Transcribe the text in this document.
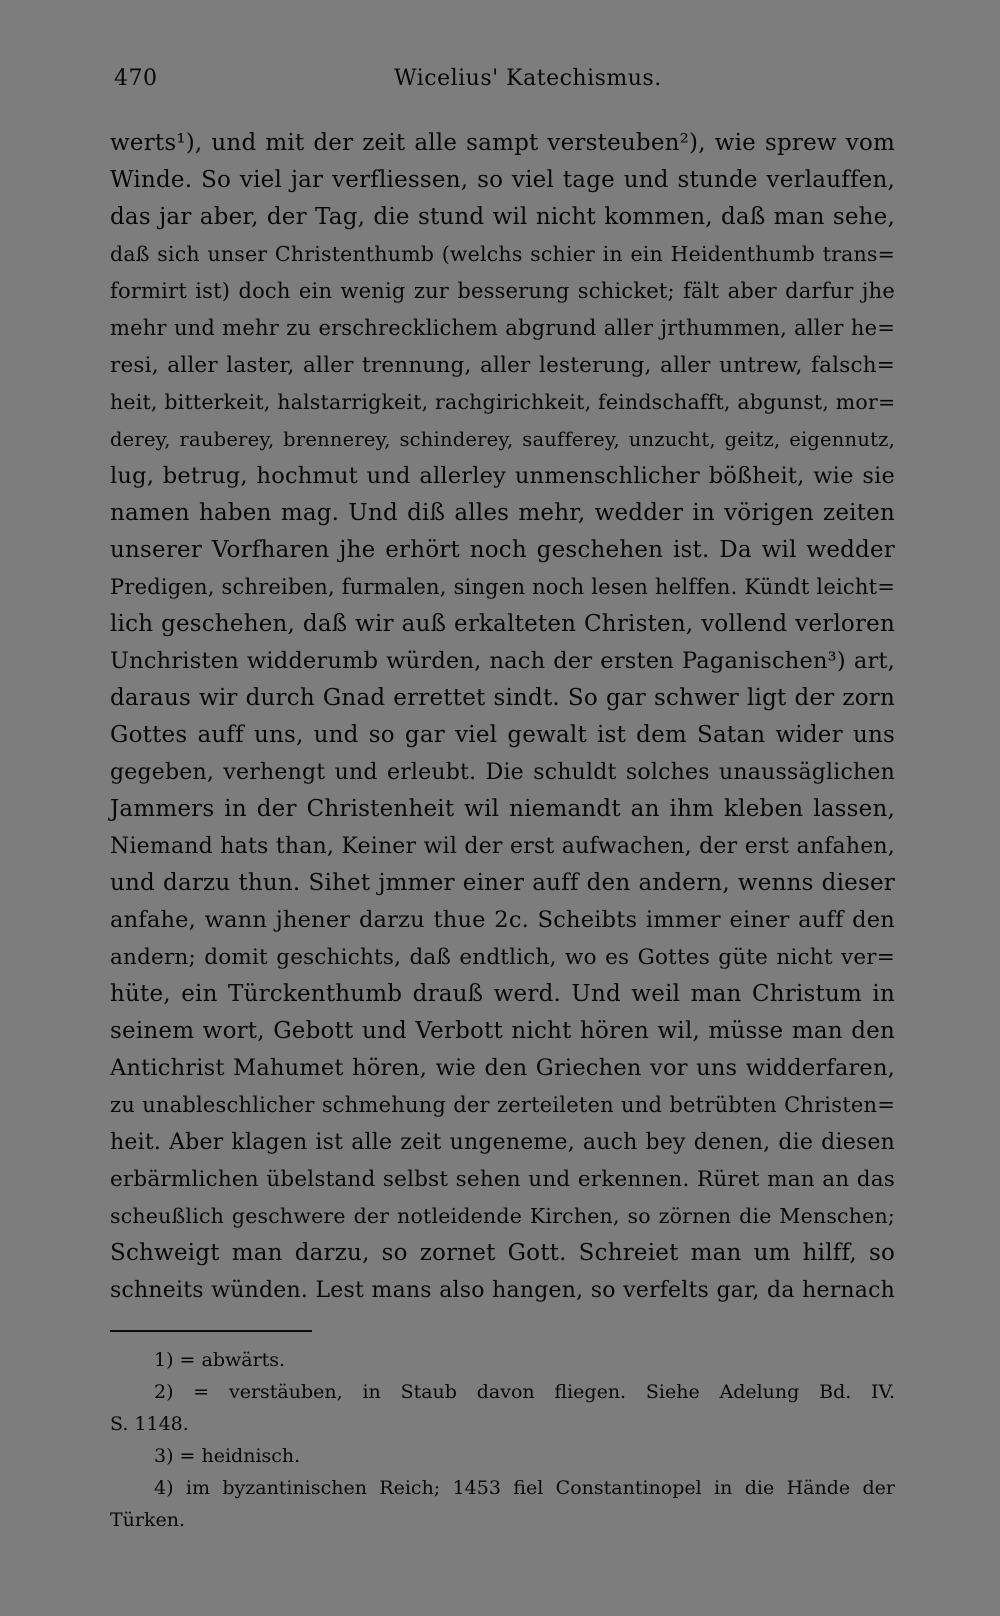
470	Wicelius' Katechismus.
werts¹), und mit der zeit alle sampt versteuben²), wie sprew vom
Winde. So viel jar verfliessen, so viel tage und stunde verlauffen,
das jar aber, der Tag, die stund wil nicht kommen, daß man sehe,
daß sich unser Christenthumb (welchs schier in ein Heidenthumb trans=
formirt ist) doch ein wenig zur besserung schicket; fält aber darfur jhe
mehr und mehr zu erschrecklichem abgrund aller jrthummen, aller he=
resi, aller laster, aller trennung, aller lesterung, aller untrew, falsch=
heit, bitterkeit, halstarrigkeit, rachgirichkeit, feindschafft, abgunst, mor=
derey, rauberey, brennerey, schinderey, saufferey, unzucht, geitz, eigennutz,
lug, betrug, hochmut und allerley unmenschlicher bößheit, wie sie
namen haben mag. Und diß alles mehr, wedder in vörigen zeiten
unserer Vorfharen jhe erhört noch geschehen ist. Da wil wedder
Predigen, schreiben, furmalen, singen noch lesen helffen. Kündt leicht=
lich geschehen, daß wir auß erkalteten Christen, vollend verloren
Unchristen widderumb würden, nach der ersten Paganischen³) art,
daraus wir durch Gnad errettet sindt. So gar schwer ligt der zorn
Gottes auff uns, und so gar viel gewalt ist dem Satan wider uns
gegeben, verhengt und erleubt. Die schuldt solches unaussäglichen
Jammers in der Christenheit wil niemandt an ihm kleben lassen,
Niemand hats than, Keiner wil der erst aufwachen, der erst anfahen,
und darzu thun. Sihet jmmer einer auff den andern, wenns dieser
anfahe, wann jhener darzu thue 2c. Scheibts immer einer auff den
andern; domit geschichts, daß endtlich, wo es Gottes güte nicht ver=
hüte, ein Türckenthumb drauß werd. Und weil man Christum in
seinem wort, Gebott und Verbott nicht hören wil, müsse man den
Antichrist Mahumet hören, wie den Griechen vor uns widderfaren,
zu unableschlicher schmehung der zerteileten und betrübten Christen=
heit. Aber klagen ist alle zeit ungeneme, auch bey denen, die diesen
erbärmlichen übelstand selbst sehen und erkennen. Rüret man an das
scheußlich geschwere der notleidende Kirchen, so zörnen die Menschen;
Schweigt man darzu, so zornet Gott. Schreiet man um hilff, so
schneits wünden. Lest mans also hangen, so verfelts gar, da hernach
1) = abwärts.
2) = verstäuben, in Staub davon fliegen. Siehe Adelung Bd. IV.
S. 1148.
3) = heidnisch.
4) im byzantinischen Reich; 1453 fiel Constantinopel in die Hände der
Türken.
